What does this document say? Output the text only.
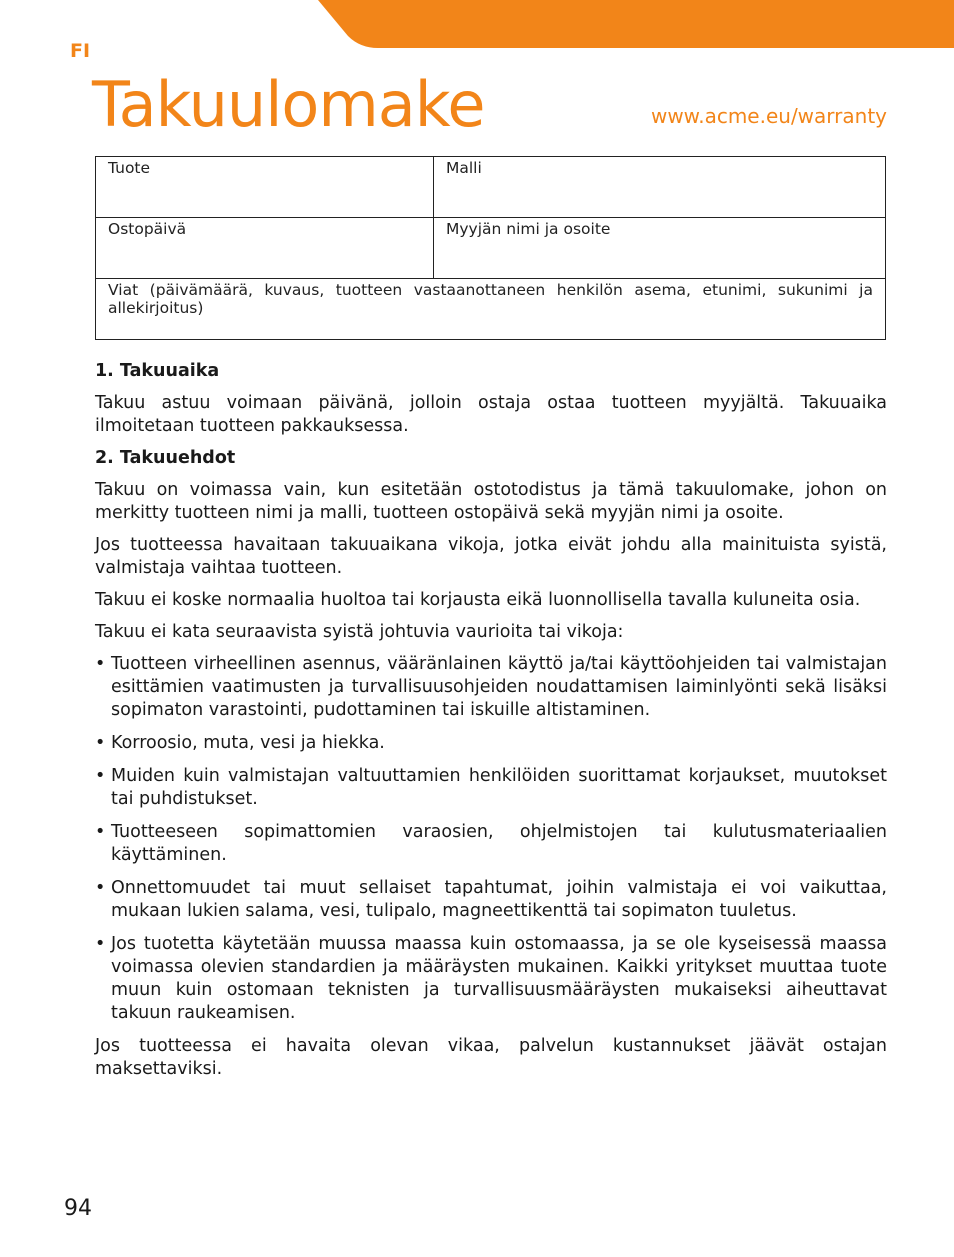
FI
Takuulomake	www.acme.eu/warranty
Tuote	Malli
Ostopäivä	Myyjän nimi ja osoite
Viat (päivämäärä, kuvaus, tuotteen vastaanottaneen henkilön asema, etunimi, sukunimi ja allekirjoitus)	
1. Takuuaika

Takuu astuu voimaan päivänä, jolloin ostaja ostaa tuotteen myyjältä. Takuuaika ilmoitetaan tuotteen pakkauksessa.

2. Takuuehdot

Takuu on voimassa vain, kun esitetään ostotodistus ja tämä takuulomake, johon on merkitty tuotteen nimi ja malli, tuotteen ostopäivä sekä myyjän nimi ja osoite.

Jos tuotteessa havaitaan takuuaikana vikoja, jotka eivät johdu alla mainituista syistä, valmistaja vaihtaa tuotteen.

Takuu ei koske normaalia huoltoa tai korjausta eikä luonnollisella tavalla kuluneita osia.

Takuu ei kata seuraavista syistä johtuvia vaurioita tai vikoja:

• Tuotteen virheellinen asennus, vääränlainen käyttö ja/tai käyttöohjeiden tai valmistajan esittämien vaatimusten ja turvallisuusohjeiden noudattamisen laiminlyönti sekä lisäksi sopimaton varastointi, pudottaminen tai iskuille altistaminen.
• Korroosio, muta, vesi ja hiekka.
• Muiden kuin valmistajan valtuuttamien henkilöiden suorittamat korjaukset, muutokset tai puhdistukset.
• Tuotteeseen sopimattomien varaosien, ohjelmistojen tai kulutusmateriaalien käyttäminen.
• Onnettomuudet tai muut sellaiset tapahtumat, joihin valmistaja ei voi vaikuttaa, mukaan lukien salama, vesi, tulipalo, magneettikenttä tai sopimaton tuuletus.
• Jos tuotetta käytetään muussa maassa kuin ostomaassa, ja se ole kyseisessä maassa voimassa olevien standardien ja määräysten mukainen. Kaikki yritykset muuttaa tuote muun kuin ostomaan teknisten ja turvallisuusmääräysten mukaiseksi aiheuttavat takuun raukeamisen.

Jos tuotteessa ei havaita olevan vikaa, palvelun kustannukset jäävät ostajan maksettaviksi.

94
